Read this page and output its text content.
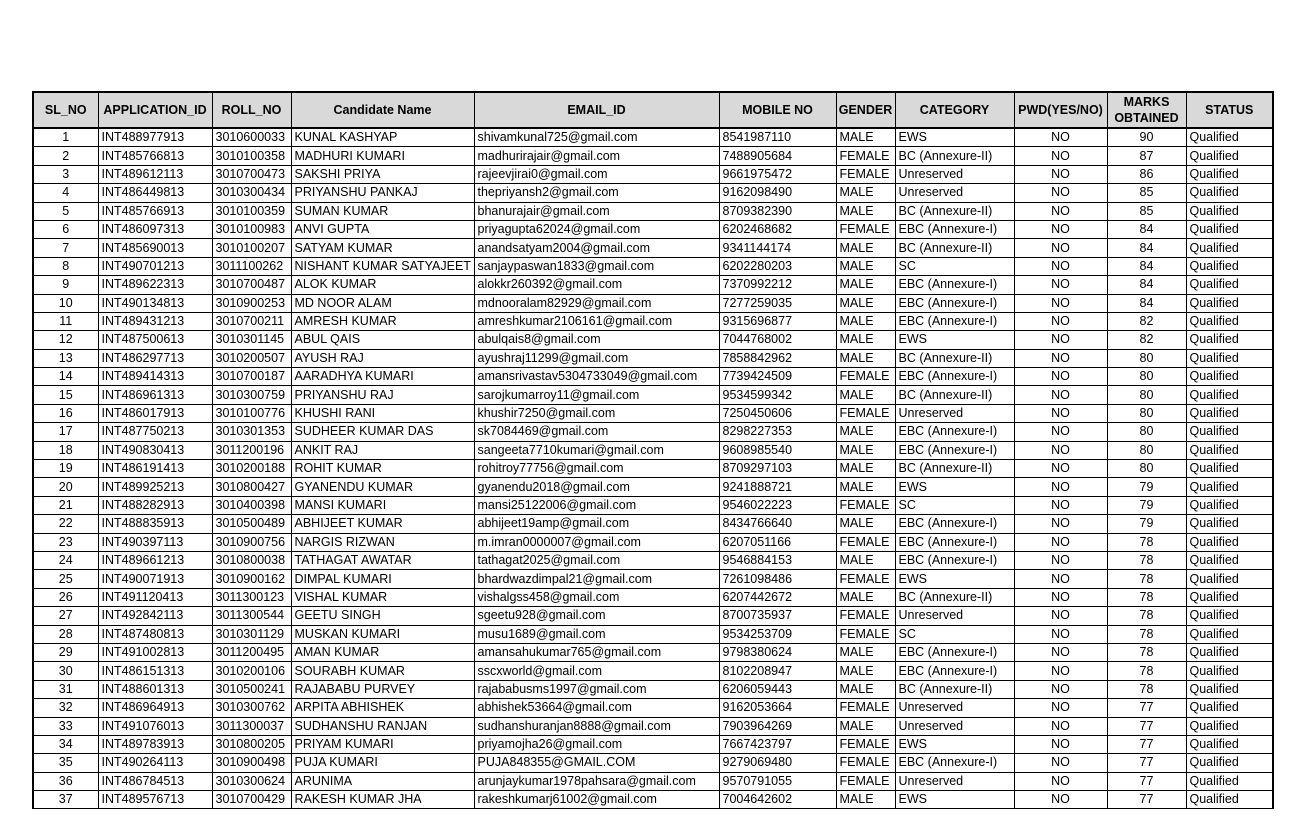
SL_NO	APPLICATION_ID	ROLL_NO	Candidate Name	EMAIL_ID	MOBILE NO	GENDER	CATEGORY	PWD(YES/NO)	MARKS OBTAINED	STATUS
1	INT488977913	3010600033	KUNAL KASHYAP	shivamkunal725@gmail.com	8541987110	MALE	EWS	NO	90	Qualified
2	INT485766813	3010100358	MADHURI KUMARI	madhurirajair@gmail.com	7488905684	FEMALE	BC (Annexure-II)	NO	87	Qualified
3	INT489612113	3010700473	SAKSHI PRIYA	rajeevjirai0@gmail.com	9661975472	FEMALE	Unreserved	NO	86	Qualified
4	INT486449813	3010300434	PRIYANSHU PANKAJ	thepriyansh2@gmail.com	9162098490	MALE	Unreserved	NO	85	Qualified
5	INT485766913	3010100359	SUMAN KUMAR	bhanurajair@gmail.com	8709382390	MALE	BC (Annexure-II)	NO	85	Qualified
6	INT486097313	3010100983	ANVI GUPTA	priyagupta62024@gmail.com	6202468682	FEMALE	EBC (Annexure-I)	NO	84	Qualified
7	INT485690013	3010100207	SATYAM KUMAR	anandsatyam2004@gmail.com	9341144174	MALE	BC (Annexure-II)	NO	84	Qualified
8	INT490701213	3011100262	NISHANT KUMAR SATYAJEET	sanjaypaswan1833@gmail.com	6202280203	MALE	SC	NO	84	Qualified
9	INT489622313	3010700487	ALOK KUMAR	alokkr260392@gmail.com	7370992212	MALE	EBC (Annexure-I)	NO	84	Qualified
10	INT490134813	3010900253	MD NOOR ALAM	mdnooralam82929@gmail.com	7277259035	MALE	EBC (Annexure-I)	NO	84	Qualified
11	INT489431213	3010700211	AMRESH KUMAR	amreshkumar2106161@gmail.com	9315696877	MALE	EBC (Annexure-I)	NO	82	Qualified
12	INT487500613	3010301145	ABUL QAIS	abulqais8@gmail.com	7044768002	MALE	EWS	NO	82	Qualified
13	INT486297713	3010200507	AYUSH RAJ	ayushraj11299@gmail.com	7858842962	MALE	BC (Annexure-II)	NO	80	Qualified
14	INT489414313	3010700187	AARADHYA KUMARI	amansrivastav5304733049@gmail.com	7739424509	FEMALE	EBC (Annexure-I)	NO	80	Qualified
15	INT486961313	3010300759	PRIYANSHU RAJ	sarojkumarroy11@gmail.com	9534599342	MALE	BC (Annexure-II)	NO	80	Qualified
16	INT486017913	3010100776	KHUSHI RANI	khushir7250@gmail.com	7250450606	FEMALE	Unreserved	NO	80	Qualified
17	INT487750213	3010301353	SUDHEER KUMAR DAS	sk7084469@gmail.com	8298227353	MALE	EBC (Annexure-I)	NO	80	Qualified
18	INT490830413	3011200196	ANKIT RAJ	sangeeta7710kumari@gmail.com	9608985540	MALE	EBC (Annexure-I)	NO	80	Qualified
19	INT486191413	3010200188	ROHIT KUMAR	rohitroy77756@gmail.com	8709297103	MALE	BC (Annexure-II)	NO	80	Qualified
20	INT489925213	3010800427	GYANENDU KUMAR	gyanendu2018@gmail.com	9241888721	MALE	EWS	NO	79	Qualified
21	INT488282913	3010400398	MANSI KUMARI	mansi25122006@gmail.com	9546022223	FEMALE	SC	NO	79	Qualified
22	INT488835913	3010500489	ABHIJEET KUMAR	abhijeet19amp@gmail.com	8434766640	MALE	EBC (Annexure-I)	NO	79	Qualified
23	INT490397113	3010900756	NARGIS RIZWAN	m.imran0000007@gmail.com	6207051166	FEMALE	EBC (Annexure-I)	NO	78	Qualified
24	INT489661213	3010800038	TATHAGAT AWATAR	tathagat2025@gmail.com	9546884153	MALE	EBC (Annexure-I)	NO	78	Qualified
25	INT490071913	3010900162	DIMPAL KUMARI	bhardwazdimpal21@gmail.com	7261098486	FEMALE	EWS	NO	78	Qualified
26	INT491120413	3011300123	VISHAL KUMAR	vishalgss458@gmail.com	6207442672	MALE	BC (Annexure-II)	NO	78	Qualified
27	INT492842113	3011300544	GEETU SINGH	sgeetu928@gmail.com	8700735937	FEMALE	Unreserved	NO	78	Qualified
28	INT487480813	3010301129	MUSKAN KUMARI	musu1689@gmail.com	9534253709	FEMALE	SC	NO	78	Qualified
29	INT491002813	3011200495	AMAN KUMAR	amansahukumar765@gmail.com	9798380624	MALE	EBC (Annexure-I)	NO	78	Qualified
30	INT486151313	3010200106	SOURABH KUMAR	sscxworld@gmail.com	8102208947	MALE	EBC (Annexure-I)	NO	78	Qualified
31	INT488601313	3010500241	RAJABABU PURVEY	rajababusms1997@gmail.com	6206059443	MALE	BC (Annexure-II)	NO	78	Qualified
32	INT486964913	3010300762	ARPITA ABHISHEK	abhishek53664@gmail.com	9162053664	FEMALE	Unreserved	NO	77	Qualified
33	INT491076013	3011300037	SUDHANSHU RANJAN	sudhanshuranjan8888@gmail.com	7903964269	MALE	Unreserved	NO	77	Qualified
34	INT489783913	3010800205	PRIYAM KUMARI	priyamojha26@gmail.com	7667423797	FEMALE	EWS	NO	77	Qualified
35	INT490264113	3010900498	PUJA KUMARI	PUJA848355@GMAIL.COM	9279069480	FEMALE	EBC (Annexure-I)	NO	77	Qualified
36	INT486784513	3010300624	ARUNIMA	arunjaykumar1978pahsara@gmail.com	9570791055	FEMALE	Unreserved	NO	77	Qualified
37	INT489576713	3010700429	RAKESH KUMAR JHA	rakeshkumarj61002@gmail.com	7004642602	MALE	EWS	NO	77	Qualified
